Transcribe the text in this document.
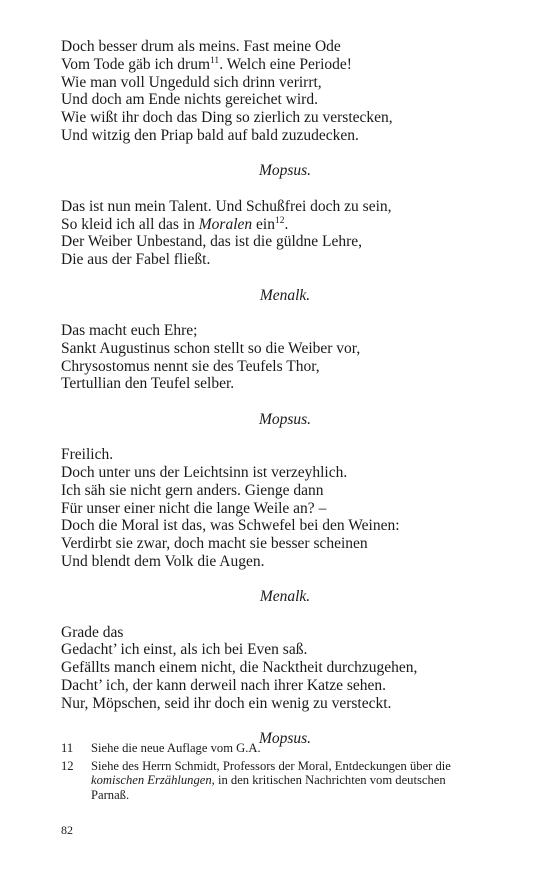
Doch besser drum als meins. Fast meine Ode
Vom Tode gäb ich drum$^{11}$. Welch eine Periode!
Wie man voll Ungeduld sich drinn verirrt,
Und doch am Ende nichts gereichet wird.
Wie wißt ihr doch das Ding so zierlich zu verstecken,
Und witzig den Priap bald auf bald zuzudecken.

Mopsus.

Das ist nun mein Talent. Und Schußfrei doch zu sein,
So kleid ich all das in Moralen ein$^{12}$.
Der Weiber Unbestand, das ist die güldne Lehre,
Die aus der Fabel fließt.

Menalk.

Das macht euch Ehre;
Sankt Augustinus schon stellt so die Weiber vor,
Chrysostomus nennt sie des Teufels Thor,
Tertullian den Teufel selber.

Mopsus.

Freilich.
Doch unter uns der Leichtsinn ist verzeyhlich.
Ich säh sie nicht gern anders. Gienge dann
Für unser einer nicht die lange Weile an? –
Doch die Moral ist das, was Schwefel bei den Weinen:
Verdirbt sie zwar, doch macht sie besser scheinen
Und blendt dem Volk die Augen.

Menalk.

Grade das
Gedacht’ ich einst, als ich bei Even saß.
Gefällts manch einem nicht, die Nacktheit durchzugehen,
Dacht’ ich, der kann derweil nach ihrer Katze sehen.
Nur, Möpschen, seid ihr doch ein wenig zu versteckt.

Mopsus.

11	Siehe die neue Auflage vom G.A.
12	Siehe des Herrn Schmidt, Professors der Moral, Entdeckungen über die komischen Erzählungen, in den kritischen Nachrichten vom deutschen Parnaß.
82
